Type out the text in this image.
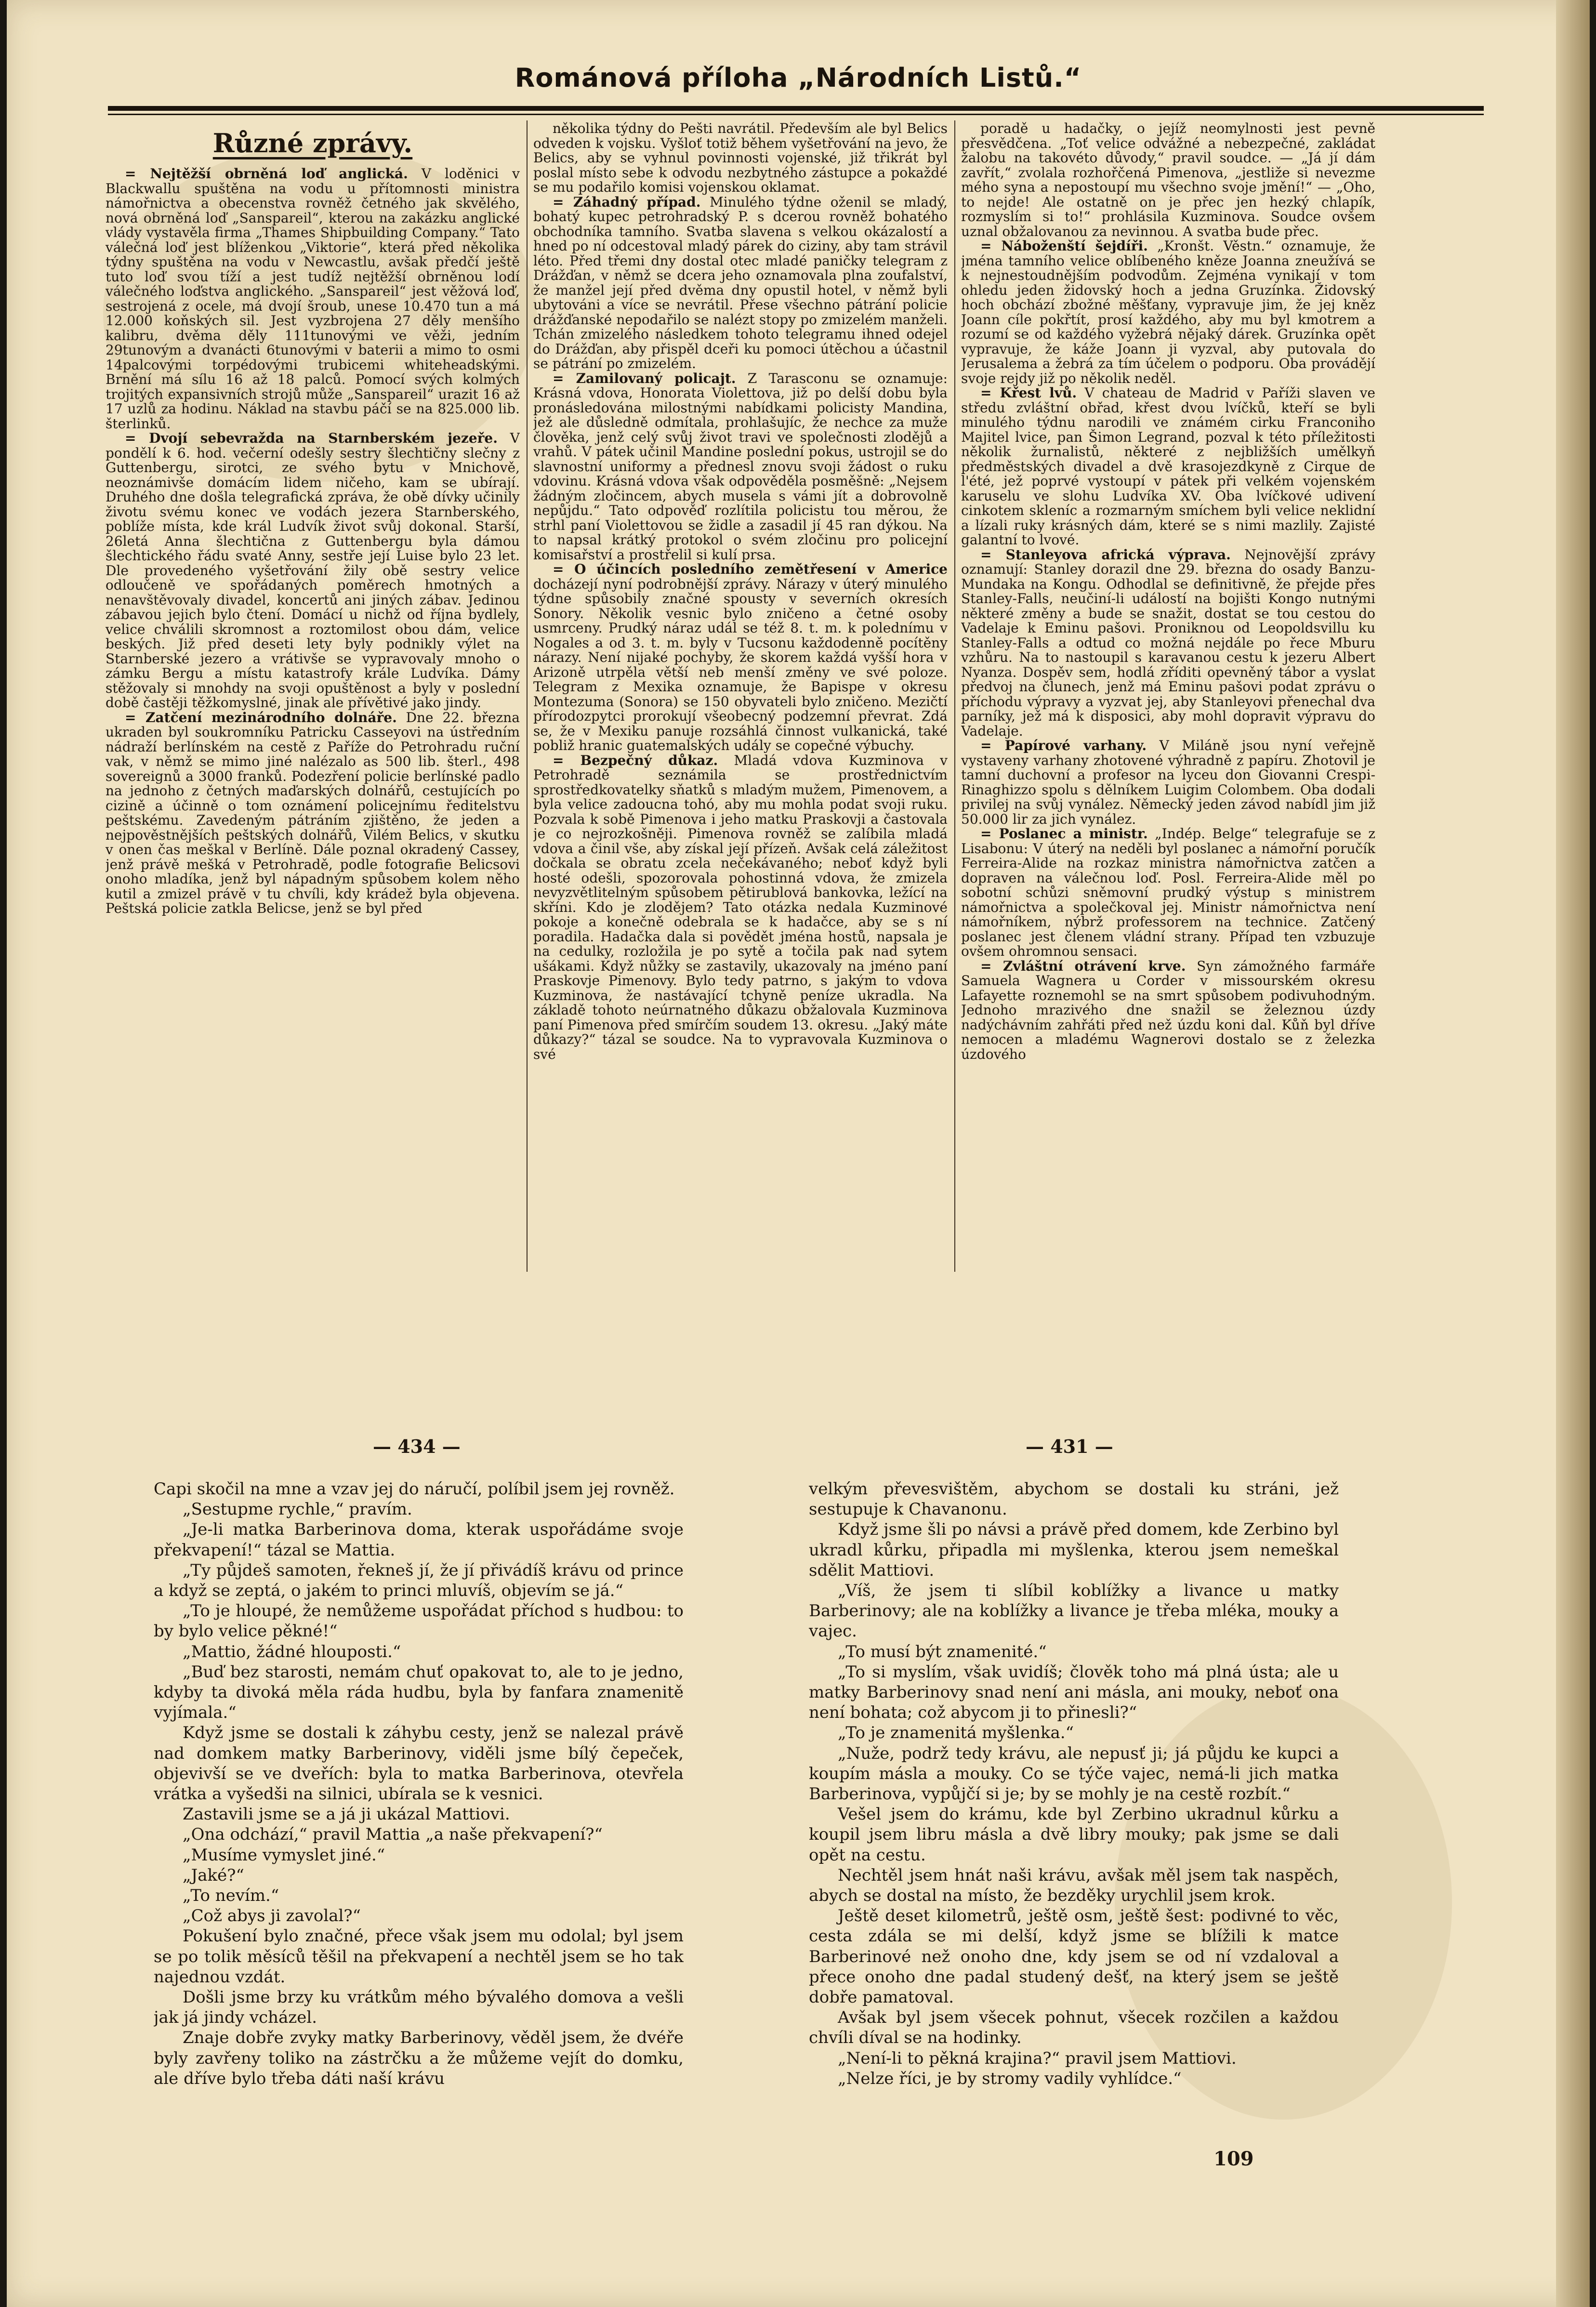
Románová příloha „Národních Listů.“
Různé zprávy.

= Nejtěžší obrněná loď anglická. V loděnici v Blackwallu spuštěna na vodu u přítomnosti ministra námořnictva a obecenstva rovněž četného jak skvělého, nová obrněná loď „Sanspareil“, kterou na zakázku anglické vlády vystavěla firma „Thames Shipbuilding Company.“ Tato válečná loď jest blíženkou „Viktorie“, která před několika týdny spuštěna na vodu v Newcastlu, avšak předčí ještě tuto loď svou tíží a jest tudíž nejtěžší obrněnou lodí válečného loďstva anglického. „Sanspareil“ jest věžová loď, sestrojená z ocele, má dvojí šroub, unese 10.470 tun a má 12.000 koňských sil. Jest vyzbrojena 27 děly menšího kalibru, dvěma děly 111tunovými ve věži, jedním 29tunovým a dvanácti 6tunovými v baterii a mimo to osmi 14palcovými torpédovými trubicemi whiteheadskými. Brnění má sílu 16 až 18 palců. Pomocí svých kolmých trojitých expansivních strojů může „Sanspareil“ urazit 16 až 17 uzlů za hodinu. Náklad na stavbu páčí se na 825.000 lib. šterlinků.

= Dvojí sebevražda na Starnberském jezeře. V pondělí k 6. hod. večerní odešly sestry šlechtičny slečny z Guttenbergu, sirotci, ze svého bytu v Mnichově, neoznámivše domácím lidem ničeho, kam se ubírají. Druhého dne došla telegrafická zpráva, že obě dívky učinily životu svému konec ve vodách jezera Starnberského, poblíže místa, kde král Ludvík život svůj dokonal. Starší, 26letá Anna šlechtična z Guttenbergu byla dámou šlechtického řádu svaté Anny, sestře její Luise bylo 23 let. Dle provedeného vyšetřování žily obě sestry velice odloučeně ve spořádaných poměrech hmotných a nenavštěvovaly divadel, koncertů ani jiných zábav. Jedinou zábavou jejich bylo čtení. Domácí u nichž od října bydlely, velice chválili skromnost a roztomilost obou dám, velice beských. Již před deseti lety byly podnikly výlet na Starnberské jezero a vrátivše se vypravovaly mnoho o zámku Bergu a místu katastrofy krále Ludvíka. Dámy stěžovaly si mnohdy na svoji opuštěnost a byly v poslední době častěji těžkomyslné, jinak ale přívětivé jako jindy.

= Zatčení mezinárodního dolnáře. Dne 22. března ukraden byl soukromníku Patricku Casseyovi na ústředním nádraží berlínském na cestě z Paříže do Petrohradu ruční vak, v němž se mimo jiné nalézalo as 500 lib. šterl., 498 sovereignů a 3000 franků. Podezření policie berlínské padlo na jednoho z četných maďarských dolnářů, cestujících po cizině a účinně o tom oznámení policejnímu ředitelstvu peštskému. Zavedeným pátráním zjištěno, že jeden a nejpověstnějších peštských dolnářů, Vilém Belics, v skutku v onen čas meškal v Berlíně. Dále poznal okradený Cassey, jenž právě mešká v Petrohradě, podle fotografie Belicsovi onoho mladíka, jenž byl nápadným spůsobem kolem něho kutil a zmizel právě v tu chvíli, kdy krádež byla objevena. Peštská policie zatkla Belicse, jenž se byl před

několika týdny do Pešti navrátil. Především ale byl Belics odveden k vojsku. Vyšloť totiž během vyšetřování na jevo, že Belics, aby se vyhnul povinnosti vojenské, již třikrát byl poslal místo sebe k odvodu nezbytného zástupce a pokaždé se mu podařilo komisi vojenskou oklamat.

= Záhadný případ. Minulého týdne oženil se mladý, bohatý kupec petrohradský P. s dcerou rovněž bohatého obchodníka tamního. Svatba slavena s velkou okázalostí a hned po ní odcestoval mladý párek do ciziny, aby tam strávil léto. Před třemi dny dostal otec mladé paničky telegram z Drážďan, v němž se dcera jeho oznamovala plna zoufalství, že manžel její před dvěma dny opustil hotel, v němž byli ubytováni a více se nevrátil. Přese všechno pátrání policie drážďanské nepodařilo se nalézt stopy po zmizelém manželi. Tchán zmizelého následkem tohoto telegramu ihned odejel do Drážďan, aby přispěl dceři ku pomoci útěchou a účastnil se pátrání po zmizelém.

= Zamilovaný policajt. Z Tarasconu se oznamuje: Krásná vdova, Honorata Violettova, již po delší dobu byla pronásledována milostnými nabídkami policisty Mandina, jež ale důsledně odmítala, prohlašujíc, že nechce za muže člověka, jenž celý svůj život travi ve společnosti zlodějů a vrahů. V pátek učinil Mandine poslední pokus, ustrojil se do slavnostní uniformy a přednesl znovu svoji žádost o ruku vdovinu. Krásná vdova však odpověděla posměšně: „Nejsem žádným zločincem, abych musela s vámi jít a dobrovolně nepůjdu.“ Tato odpověď rozlítila policistu tou měrou, že strhl paní Violettovou se židle a zasadil jí 45 ran dýkou. Na to napsal krátký protokol o svém zločinu pro policejní komisařství a prostřelil si kulí prsa.

= O účincích posledního zemětřesení v Americe docházejí nyní podrobnější zprávy. Nárazy v úterý minulého týdne spůsobily značné spousty v severních okresích Sonory. Několik vesnic bylo zničeno a četné osoby usmrceny. Prudký náraz udál se též 8. t. m. k polednímu v Nogales a od 3. t. m. byly v Tucsonu každodenně pocítěny nárazy. Není nijaké pochyby, že skorem každá vyšší hora v Arizoně utrpěla větší neb menší změny ve své poloze. Telegram z Mexika oznamuje, že Bapispe v okresu Montezuma (Sonora) se 150 obyvateli bylo zničeno. Mezičtí přírodozpytci prorokují všeobecný podzemní převrat. Zdá se, že v Mexiku panuje rozsáhlá činnost vulkanická, také pobliž hranic guatemalských udály se copečné výbuchy.

= Bezpečný důkaz. Mladá vdova Kuzminova v Petrohradě seznámila se prostřednictvím sprostředkovatelky sňatků s mladým mužem, Pimenovem, a byla velice zadoucna tohó, aby mu mohla podat svoji ruku. Pozvala k sobě Pimenova i jeho matku Praskovji a častovala je co nejrozkošněji. Pimenova rovněž se zalíbila mladá vdova a činil vše, aby získal její přízeň. Avšak celá záležitost dočkala se obratu zcela nečekávaného; neboť když byli hosté odešli, spozorovala pohostinná vdova, že zmizela nevyzvětlitelným spůsobem pětirublová bankovka, ležící na skříni. Kdo je zlodějem? Tato otázka nedala Kuzminové pokoje a konečně odebrala se k hadačce, aby se s ní poradila. Hadačka dala si povědět jména hostů, napsala je na cedulky, rozložila je po sytě a točila pak nad sytem ušákami. Když nůžky se zastavily, ukazovaly na jméno paní Praskovje Pimenovy. Bylo tedy patrno, s jakým to vdova Kuzminova, že nastávající tchyně peníze ukradla. Na základě tohoto neúrnatného důkazu obžalovala Kuzminova paní Pimenova před smírčím soudem 13. okresu. „Jaký máte důkazy?“ tázal se soudce. Na to vypravovala Kuzminova o své

poradě u hadačky, o jejíž neomylnosti jest pevně přesvědčena. „Toť velice odvážné a nebezpečné, zakládat žalobu na takovéto důvody,“ pravil soudce. — „Já jí dám zavřít,“ zvolala rozhořčená Pimenova, „jestliže si nevezme mého syna a nepostoupí mu všechno svoje jmění!“ — „Oho, to nejde! Ale ostatně on je přec jen hezký chlapík, rozmyslím si to!“ prohlásila Kuzminova. Soudce ovšem uznal obžalovanou za nevinnou. A svatba bude přec.

= Náboženští šejdíři. „Kronšt. Věstn.“ oznamuje, že jména tamního velice oblíbeného kněze Joanna zneužívá se k nejnestoudnějším podvodům. Zejména vynikají v tom ohledu jeden židovský hoch a jedna Gruzínka. Židovský hoch obchází zbožné měšťany, vypravuje jim, že jej kněz Joann cíle pokřtít, prosí každého, aby mu byl kmotrem a rozumí se od každého vyžebrá nějaký dárek. Gruzínka opět vypravuje, že káže Joann ji vyzval, aby putovala do Jerusalema a žebrá za tím účelem o podporu. Oba provádějí svoje rejdy již po několik neděl.

= Křest lvů. V chateau de Madrid v Paříži slaven ve středu zvláštní obřad, křest dvou lvíčků, kteří se byli minulého týdnu narodili ve známém cirku Franconiho Majitel lvice, pan Šimon Legrand, pozval k této příležitosti několik žurnalistů, některé z nejbližších umělkyň předměstských divadel a dvě krasojezdkyně z Cirque de l'été, jež poprvé vystoupí v pátek při velkém vojenském karuselu ve slohu Ludvíka XV. Oba lvíčkové udivení cinkotem skleníc a rozmarným smíchem byli velice neklidní a lízali ruky krásných dám, které se s nimi mazlily. Zajisté galantní to lvové.

= Stanleyova africká výprava. Nejnovější zprávy oznamují: Stanley dorazil dne 29. března do osady Banzu-Mundaka na Kongu. Odhodlal se definitivně, že přejde přes Stanley-Falls, neučiní-li událostí na bojišti Kongo nutnými některé změny a bude se snažit, dostat se tou cestou do Vadelaje k Eminu pašovi. Proniknou od Leopoldsvillu ku Stanley-Falls a odtud co možná nejdále po řece Mburu vzhůru. Na to nastoupil s karavanou cestu k jezeru Albert Nyanza. Dospěv sem, hodlá zříditi opevněný tábor a vyslat předvoj na člunech, jenž má Eminu pašovi podat zprávu o příchodu výpravy a vyzvat jej, aby Stanleyovi přenechal dva parníky, jež má k disposici, aby mohl dopravit výpravu do Vadelaje.

= Papírové varhany. V Miláně jsou nyní veřejně vystaveny varhany zhotovené výhradně z papíru. Zhotovil je tamní duchovní a profesor na lyceu don Giovanni Crespi-Rinaghizzo spolu s dělníkem Luigim Colombem. Oba dodali privilej na svůj vynález. Německý jeden závod nabídl jim již 50.000 lir za jich vynález.

= Poslanec a ministr. „Indép. Belge“ telegrafuje se z Lisabonu: V úterý na neděli byl poslanec a námořní poručík Ferreira-Alide na rozkaz ministra námořnictva zatčen a dopraven na válečnou loď. Posl. Ferreira-Alide měl po sobotní schůzi sněmovní prudký výstup s ministrem námořnictva a společkoval jej. Ministr námořnictva není námořníkem, nýbrž professorem na technice. Zatčený poslanec jest členem vládní strany. Případ ten vzbuzuje ovšem ohromnou sensaci.

= Zvláštní otrávení krve. Syn zámožného farmáře Samuela Wagnera u Corder v missourském okresu Lafayette roznemohl se na smrt spůsobem podivuhodným. Jednoho mrazivého dne snažil se železnou úzdy nadýchávním zahřáti před než úzdu koni dal. Kůň byl dříve nemocen a mladému Wagnerovi dostalo se z železka úzdového

— 434 —	— 431 —

Capi skočil na mne a vzav jej do náručí, políbil jsem jej rovněž.

„Sestupme rychle,“ pravím.

„Je-li matka Barberinova doma, kterak uspořádáme svoje překvapení!“ tázal se Mattia.

„Ty půjdeš samoten, řekneš jí, že jí přivádíš krávu od prince a když se zeptá, o jakém to princi mluvíš, objevím se já.“

„To je hloupé, že nemůžeme uspořádat příchod s hudbou: to by bylo velice pěkné!“

„Mattio, žádné hlouposti.“

„Buď bez starosti, nemám chuť opakovat to, ale to je jedno, kdyby ta divoká měla ráda hudbu, byla by fanfara znamenitě vyjímala.“

Když jsme se dostali k záhybu cesty, jenž se nalezal právě nad domkem matky Barberinovy, viděli jsme bílý čepeček, objevivší se ve dveřích: byla to matka Barberinova, otevřela vrátka a vyšedši na silnici, ubírala se k vesnici.

Zastavili jsme se a já ji ukázal Mattiovi.

„Ona odchází,“ pravil Mattia „a naše překvapení?“

„Musíme vymyslet jiné.“

„Jaké?“

„To nevím.“

„Což abys ji zavolal?“

Pokušení bylo značné, přece však jsem mu odolal; byl jsem se po tolik měsíců těšil na překvapení a nechtěl jsem se ho tak najednou vzdát.

Došli jsme brzy ku vrátkům mého bývalého domova a vešli jak já jindy vcházel.

Znaje dobře zvyky matky Barberinovy, věděl jsem, že dvéře byly zavřeny toliko na zástrčku a že můžeme vejít do domku, ale dříve bylo třeba dáti naší krávu

velkým převesvištěm, abychom se dostali ku stráni, jež sestupuje k Chavanonu.

Když jsme šli po návsi a právě před domem, kde Zerbino byl ukradl kůrku, připadla mi myšlenka, kterou jsem nemeškal sdělit Mattiovi.

„Víš, že jsem ti slíbil koblížky a livance u matky Barberinovy; ale na koblížky a livance je třeba mléka, mouky a vajec.

„To musí být znamenité.“

„To si myslím, však uvidíš; člověk toho má plná ústa; ale u matky Barberinovy snad není ani másla, ani mouky, neboť ona není bohata; což abycom ji to přinesli?“

„To je znamenitá myšlenka.“

„Nuže, podrž tedy krávu, ale nepusť ji; já půjdu ke kupci a koupím másla a mouky. Co se týče vajec, nemá-li jich matka Barberinova, vypůjčí si je; by se mohly je na cestě rozbít.“

Vešel jsem do krámu, kde byl Zerbino ukradnul kůrku a koupil jsem libru másla a dvě libry mouky; pak jsme se dali opět na cestu.

Nechtěl jsem hnát naši krávu, avšak měl jsem tak naspěch, abych se dostal na místo, že bezděky urychlil jsem krok.

Ještě deset kilometrů, ještě osm, ještě šest: podivné to věc, cesta zdála se mi delší, když jsme se blížili k matce Barberinové než onoho dne, kdy jsem se od ní vzdaloval a přece onoho dne padal studený dešť, na který jsem se ještě dobře pamatoval.

Avšak byl jsem všecek pohnut, všecek rozčilen a každou chvíli díval se na hodinky.

„Není-li to pěkná krajina?“ pravil jsem Mattiovi.

„Nelze říci, je by stromy vadily vyhlídce.“

109
